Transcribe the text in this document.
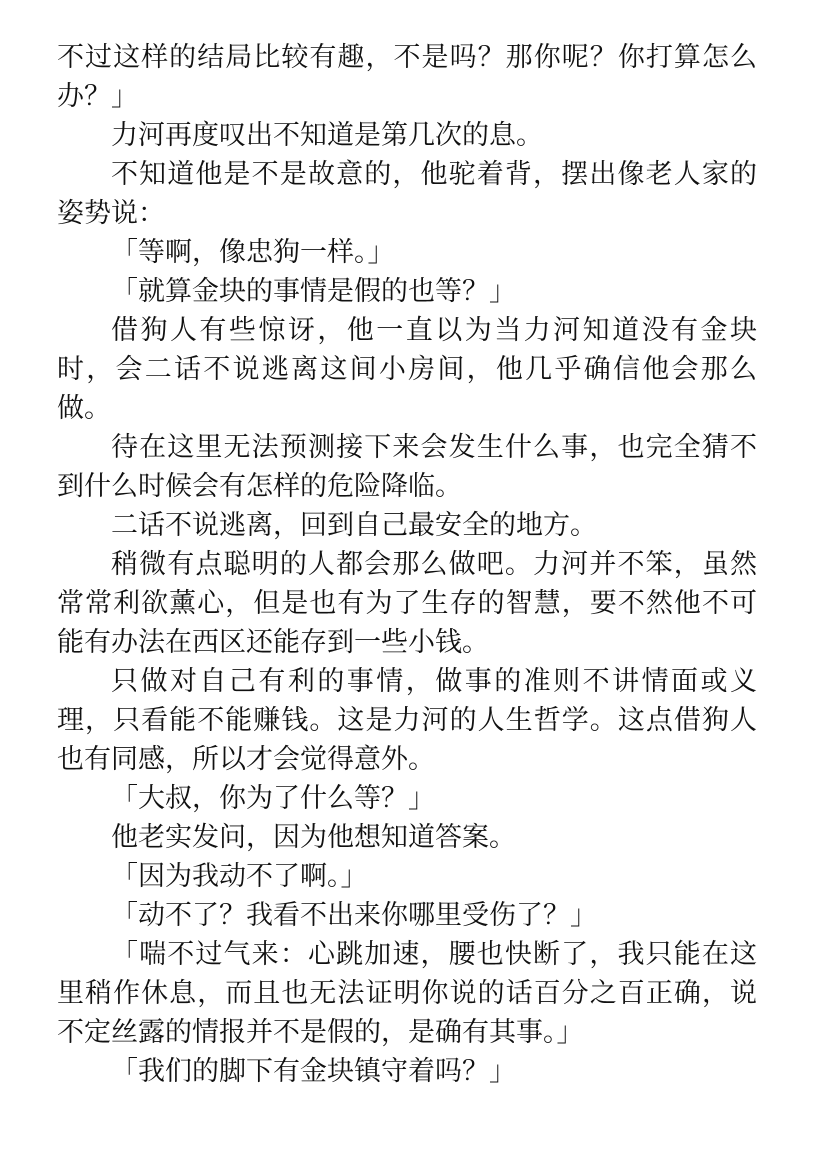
不过这样的结局比较有趣，不是吗？那你呢？你打算怎么办？」

力河再度叹出不知道是第几次的息。

不知道他是不是故意的，他驼着背，摆出像老人家的姿势说：

「等啊，像忠狗一样。」

「就算金块的事情是假的也等？」

借狗人有些惊讶，他一直以为当力河知道没有金块时，会二话不说逃离这间小房间，他几乎确信他会那么做。

待在这里无法预测接下来会发生什么事，也完全猜不到什么时候会有怎样的危险降临。

二话不说逃离，回到自己最安全的地方。

稍微有点聪明的人都会那么做吧。力河并不笨，虽然常常利欲薰心，但是也有为了生存的智慧，要不然他不可能有办法在西区还能存到一些小钱。

只做对自己有利的事情，做事的准则不讲情面或义理，只看能不能赚钱。这是力河的人生哲学。这点借狗人也有同感，所以才会觉得意外。

「大叔，你为了什么等？」

他老实发问，因为他想知道答案。

「因为我动不了啊。」

「动不了？我看不出来你哪里受伤了？」

「喘不过气来：心跳加速，腰也快断了，我只能在这里稍作休息，而且也无法证明你说的话百分之百正确，说不定丝露的情报并不是假的，是确有其事。」

「我们的脚下有金块镇守着吗？」
